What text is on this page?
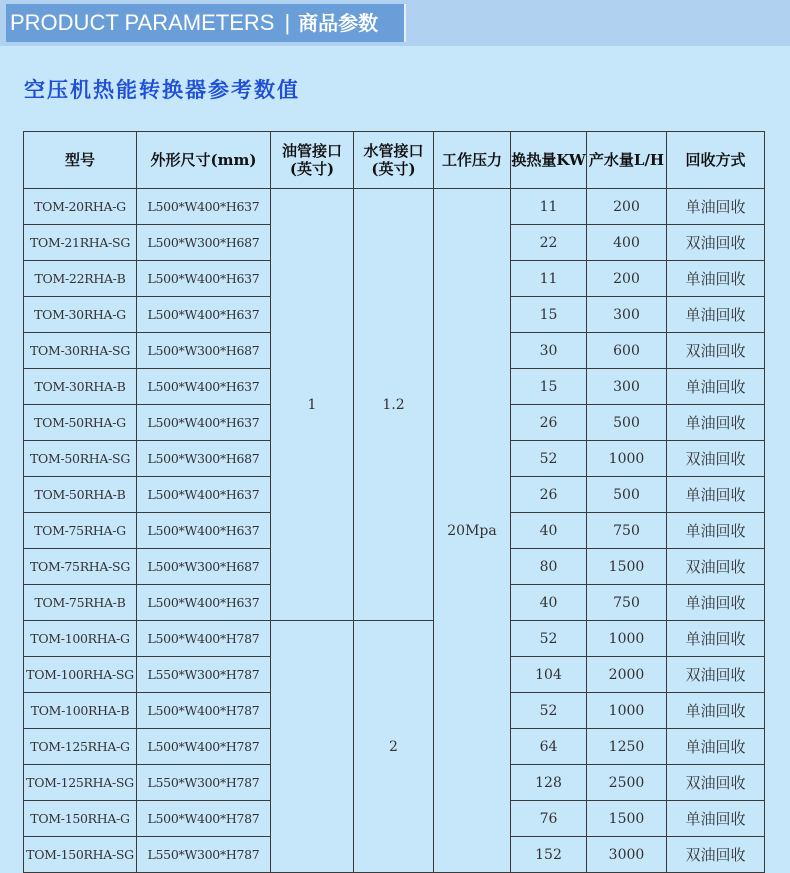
PRODUCT PARAMETERS | 商品参数
空压机热能转换器参考数值
型号	外形尺寸(mm)	油管接口(英寸)	水管接口(英寸)	工作压力	换热量KW	产水量L/H	回收方式
TOM-20RHA-G	L500*W400*H637	1	1.2	20Mpa	11	200	单油回收
TOM-21RHA-SG	L500*W300*H687				22	400	双油回收
TOM-22RHA-B	L500*W400*H637				11	200	单油回收
TOM-30RHA-G	L500*W400*H637				15	300	单油回收
TOM-30RHA-SG	L500*W300*H687				30	600	双油回收
TOM-30RHA-B	L500*W400*H637				15	300	单油回收
TOM-50RHA-G	L500*W400*H637				26	500	单油回收
TOM-50RHA-SG	L500*W300*H687				52	1000	双油回收
TOM-50RHA-B	L500*W400*H637				26	500	单油回收
TOM-75RHA-G	L500*W400*H637				40	750	单油回收
TOM-75RHA-SG	L500*W300*H687				80	1500	双油回收
TOM-75RHA-B	L500*W400*H637				40	750	单油回收
TOM-100RHA-G	L500*W400*H787		2		52	1000	单油回收
TOM-100RHA-SG	L550*W300*H787				104	2000	双油回收
TOM-100RHA-B	L500*W400*H787				52	1000	单油回收
TOM-125RHA-G	L500*W400*H787				64	1250	单油回收
TOM-125RHA-SG	L550*W300*H787				128	2500	双油回收
TOM-150RHA-G	L500*W400*H787				76	1500	单油回收
TOM-150RHA-SG	L550*W300*H787				152	3000	双油回收
